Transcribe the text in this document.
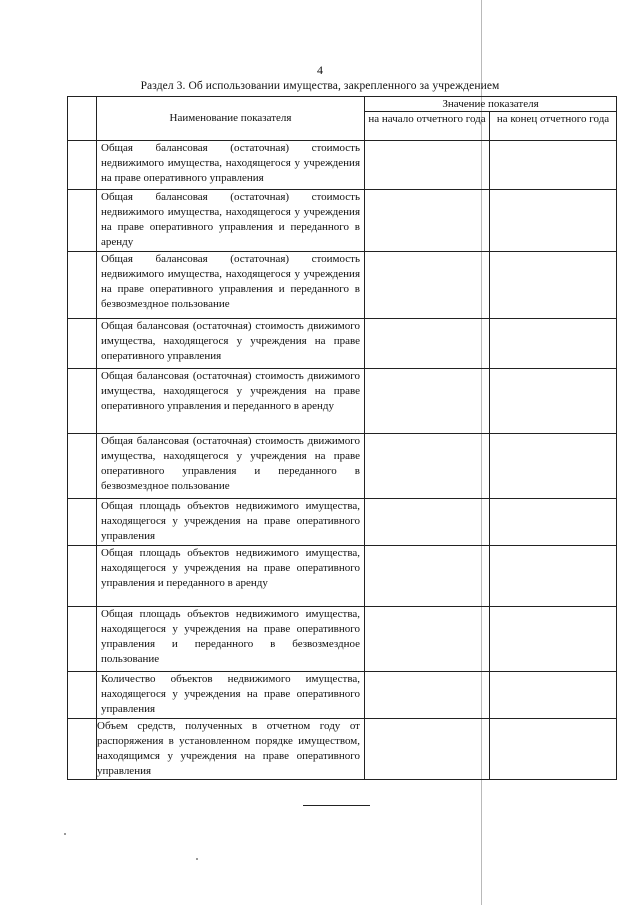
4
Раздел 3. Об использовании имущества, закрепленного за учреждением
	Наименование показателя	Значение показателя	
		на начало отчетного года	на конец отчетного года
	Общая балансовая (остаточная) стоимость недвижимого имущества, находящегося у учреждения на праве оперативного управления		
	Общая балансовая (остаточная) стоимость недвижимого имущества, находящегося у учреждения на праве оперативного управления и переданного в аренду		
	Общая балансовая (остаточная) стоимость недвижимого имущества, находящегося у учреждения на праве оперативного управления и переданного в безвозмездное пользование		
	Общая балансовая (остаточная) стоимость движимого имущества, находящегося у учреждения на праве оперативного управления		
	Общая балансовая (остаточная) стоимость движимого имущества, находящегося у учреждения на праве оперативного управления и переданного в аренду		
	Общая балансовая (остаточная) стоимость движимого имущества, находящегося у учреждения на праве оперативного управления и переданного в безвозмездное пользование		
	Общая площадь объектов недвижимого имущества, находящегося у учреждения на праве оперативного управления		
	Общая площадь объектов недвижимого имущества, находящегося у учреждения на праве оперативного управления и переданного в аренду		
	Общая площадь объектов недвижимого имущества, находящегося у учреждения на праве оперативного управления и переданного в безвозмездное пользование		
	Количество объектов недвижимого имущества, находящегося у учреждения на праве оперативного управления		
	Объем средств, полученных в отчетном году от распоряжения в установленном порядке имуществом, находящимся у учреждения на праве оперативного управления		
